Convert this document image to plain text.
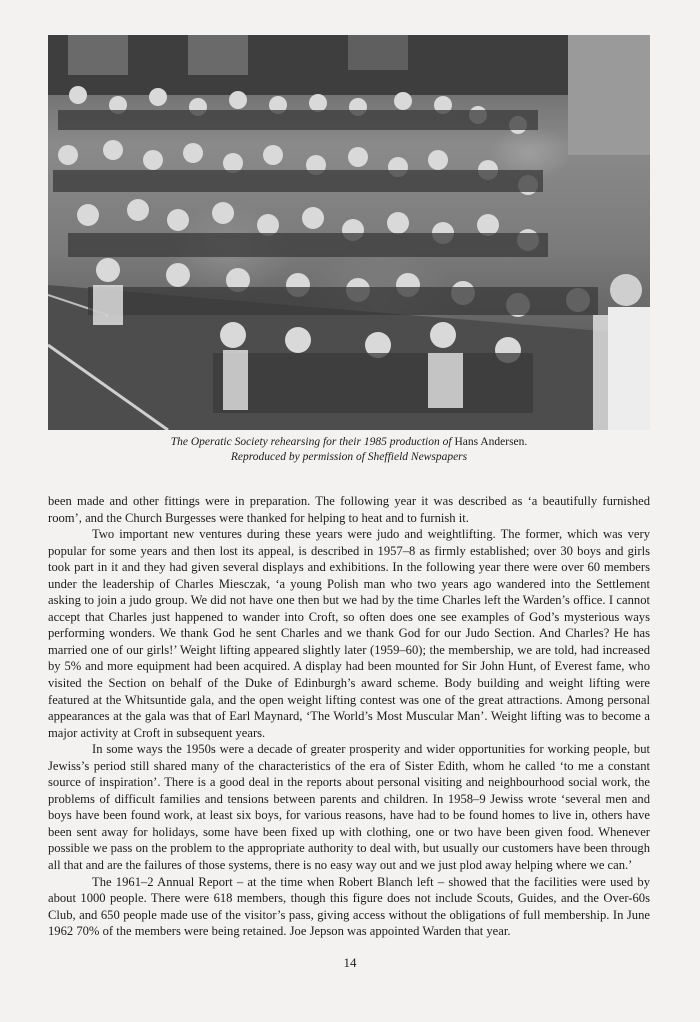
The Operatic Society rehearsing for their 1985 production of Hans Andersen.
Reproduced by permission of Sheffield Newspapers

been made and other fittings were in preparation. The following year it was described as ‘a beautifully furnished room’, and the Church Burgesses were thanked for helping to heat and to furnish it.

Two important new ventures during these years were judo and weightlifting. The former, which was very popular for some years and then lost its appeal, is described in 1957–8 as firmly established; over 30 boys and girls took part in it and they had given several displays and exhibitions. In the following year there were over 60 members under the leadership of Charles Miesczak, ‘a young Polish man who two years ago wandered into the Settlement asking to join a judo group. We did not have one then but we had by the time Charles left the Warden’s office. I cannot accept that Charles just happened to wander into Croft, so often does one see examples of God’s mysterious ways performing wonders. We thank God he sent Charles and we thank God for our Judo Section. And Charles? He has married one of our girls!’ Weight lifting appeared slightly later (1959–60); the membership, we are told, had increased by 5% and more equipment had been acquired. A display had been mounted for Sir John Hunt, of Everest fame, who visited the Section on behalf of the Duke of Edinburgh’s award scheme. Body building and weight lifting were featured at the Whitsuntide gala, and the open weight lifting contest was one of the great attractions. Among personal appearances at the gala was that of Earl Maynard, ‘The World’s Most Muscular Man’. Weight lifting was to become a major activity at Croft in subsequent years.

In some ways the 1950s were a decade of greater prosperity and wider opportunities for working people, but Jewiss’s period still shared many of the characteristics of the era of Sister Edith, whom he called ‘to me a constant source of inspiration’. There is a good deal in the reports about personal visiting and neighbourhood social work, the problems of difficult families and tensions between parents and children. In 1958–9 Jewiss wrote ‘several men and boys have been found work, at least six boys, for various reasons, have had to be found homes to live in, others have been sent away for holidays, some have been fixed up with clothing, one or two have been given food. Whenever possible we pass on the problem to the appropriate authority to deal with, but usually our customers have been through all that and are the failures of those systems, there is no easy way out and we just plod away helping where we can.’

The 1961–2 Annual Report – at the time when Robert Blanch left – showed that the facilities were used by about 1000 people. There were 618 members, though this figure does not include Scouts, Guides, and the Over-60s Club, and 650 people made use of the visitor’s pass, giving access without the obligations of full membership. In June 1962 70% of the members were being retained. Joe Jepson was appointed Warden that year.

14
